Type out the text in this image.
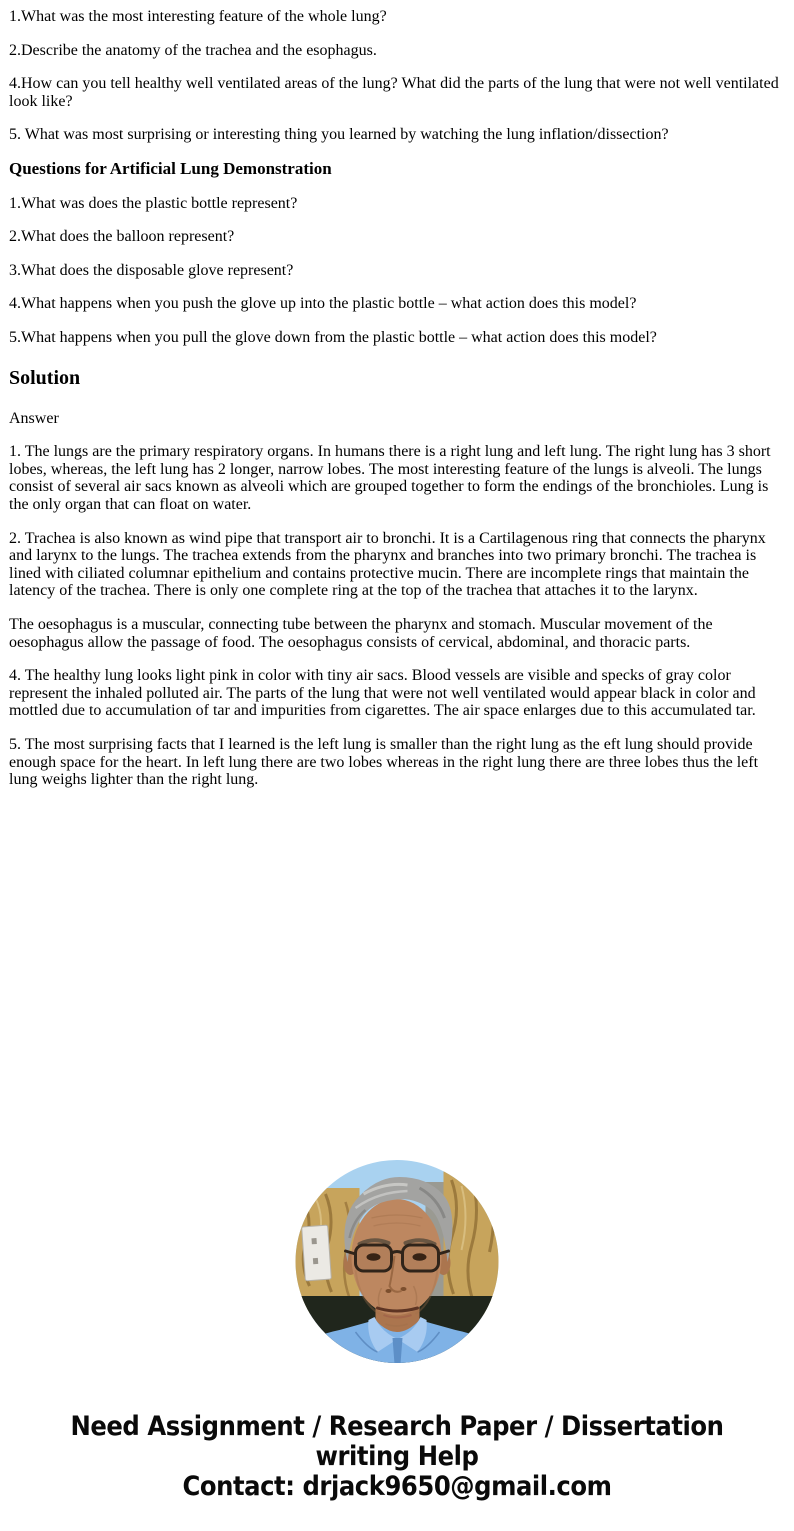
1.What was the most interesting feature of the whole lung?

2.Describe the anatomy of the trachea and the esophagus.

4.How can you tell healthy well ventilated areas of the lung? What did the parts of the lung that were not well ventilated look like?

5. What was most surprising or interesting thing you learned by watching the lung inflation/dissection?

Questions for Artificial Lung Demonstration

1.What was does the plastic bottle represent?

2.What does the balloon represent?

3.What does the disposable glove represent?

4.What happens when you push the glove up into the plastic bottle – what action does this model?

5.What happens when you pull the glove down from the plastic bottle – what action does this model?

Solution

Answer

1. The lungs are the primary respiratory organs. In humans there is a right lung and left lung. The right lung has 3 short lobes, whereas, the left lung has 2 longer, narrow lobes. The most interesting feature of the lungs is alveoli. The lungs consist of several air sacs known as alveoli which are grouped together to form the endings of the bronchioles. Lung is the only organ that can float on water.

2. Trachea is also known as wind pipe that transport air to bronchi. It is a Cartilagenous ring that connects the pharynx and larynx to the lungs. The trachea extends from the pharynx and branches into two primary bronchi. The trachea is lined with ciliated columnar epithelium and contains protective mucin. There are incomplete rings that maintain the latency of the trachea. There is only one complete ring at the top of the trachea that attaches it to the larynx.

The oesophagus is a muscular, connecting tube between the pharynx and stomach. Muscular movement of the oesophagus allow the passage of food. The oesophagus consists of cervical, abdominal, and thoracic parts.

4. The healthy lung looks light pink in color with tiny air sacs. Blood vessels are visible and specks of gray color represent the inhaled polluted air. The parts of the lung that were not well ventilated would appear black in color and mottled due to accumulation of tar and impurities from cigarettes. The air space enlarges due to this accumulated tar.

5. The most surprising facts that I learned is the left lung is smaller than the right lung as the eft lung should provide enough space for the heart. In left lung there are two lobes whereas in the right lung there are three lobes thus the left lung weighs lighter than the right lung.

Need Assignment / Research Paper / Dissertation
writing Help
Contact: drjack9650@gmail.com
